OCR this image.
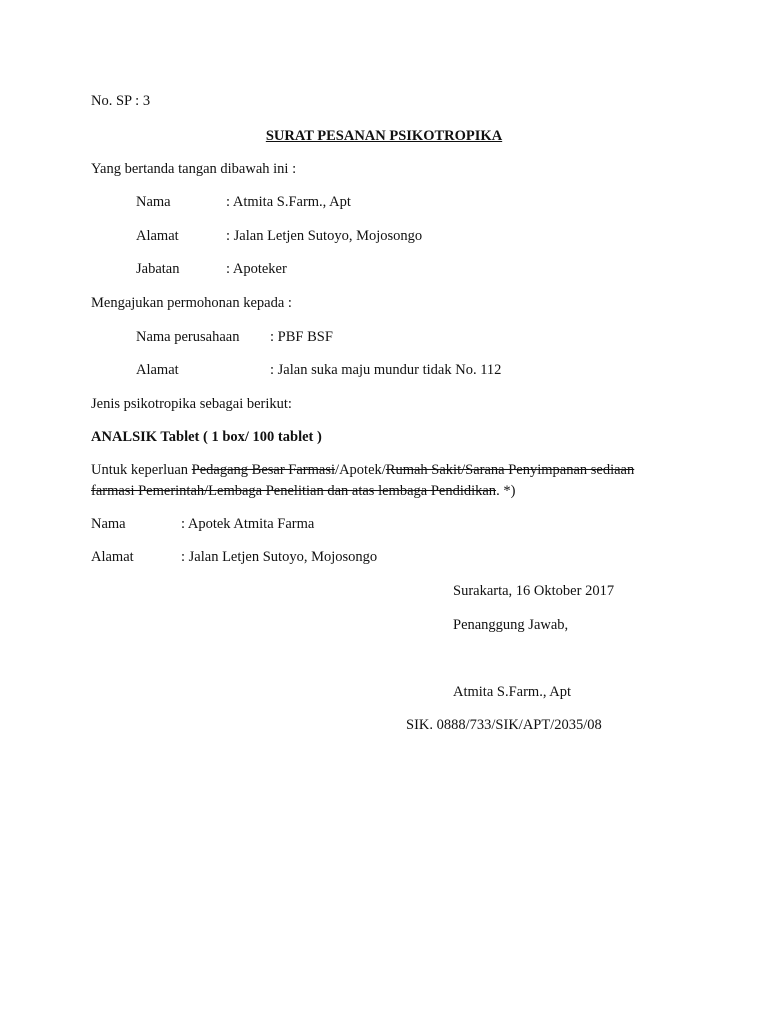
No. SP : 3
SURAT PESANAN PSIKOTROPIKA
Yang bertanda tangan dibawah ini :
Nama	: Atmita S.Farm., Apt
Alamat	: Jalan Letjen Sutoyo, Mojosongo
Jabatan	: Apoteker
Mengajukan permohonan kepada :
Nama perusahaan : PBF BSF
Alamat	: Jalan suka maju mundur tidak No. 112
Jenis psikotropika sebagai berikut:
ANALSIK Tablet ( 1 box/ 100 tablet )
Untuk keperluan Pedagang Besar Farmasi/Apotek/Rumah Sakit/Sarana Penyimpanan sediaan
farmasi Pemerintah/Lembaga Penelitian dan atas lembaga Pendidikan. *)
Nama	: Apotek Atmita Farma
Alamat	: Jalan Letjen Sutoyo, Mojosongo
Surakarta, 16 Oktober 2017
Penanggung Jawab,
Atmita S.Farm., Apt
SIK. 0888/733/SIK/APT/2035/08
